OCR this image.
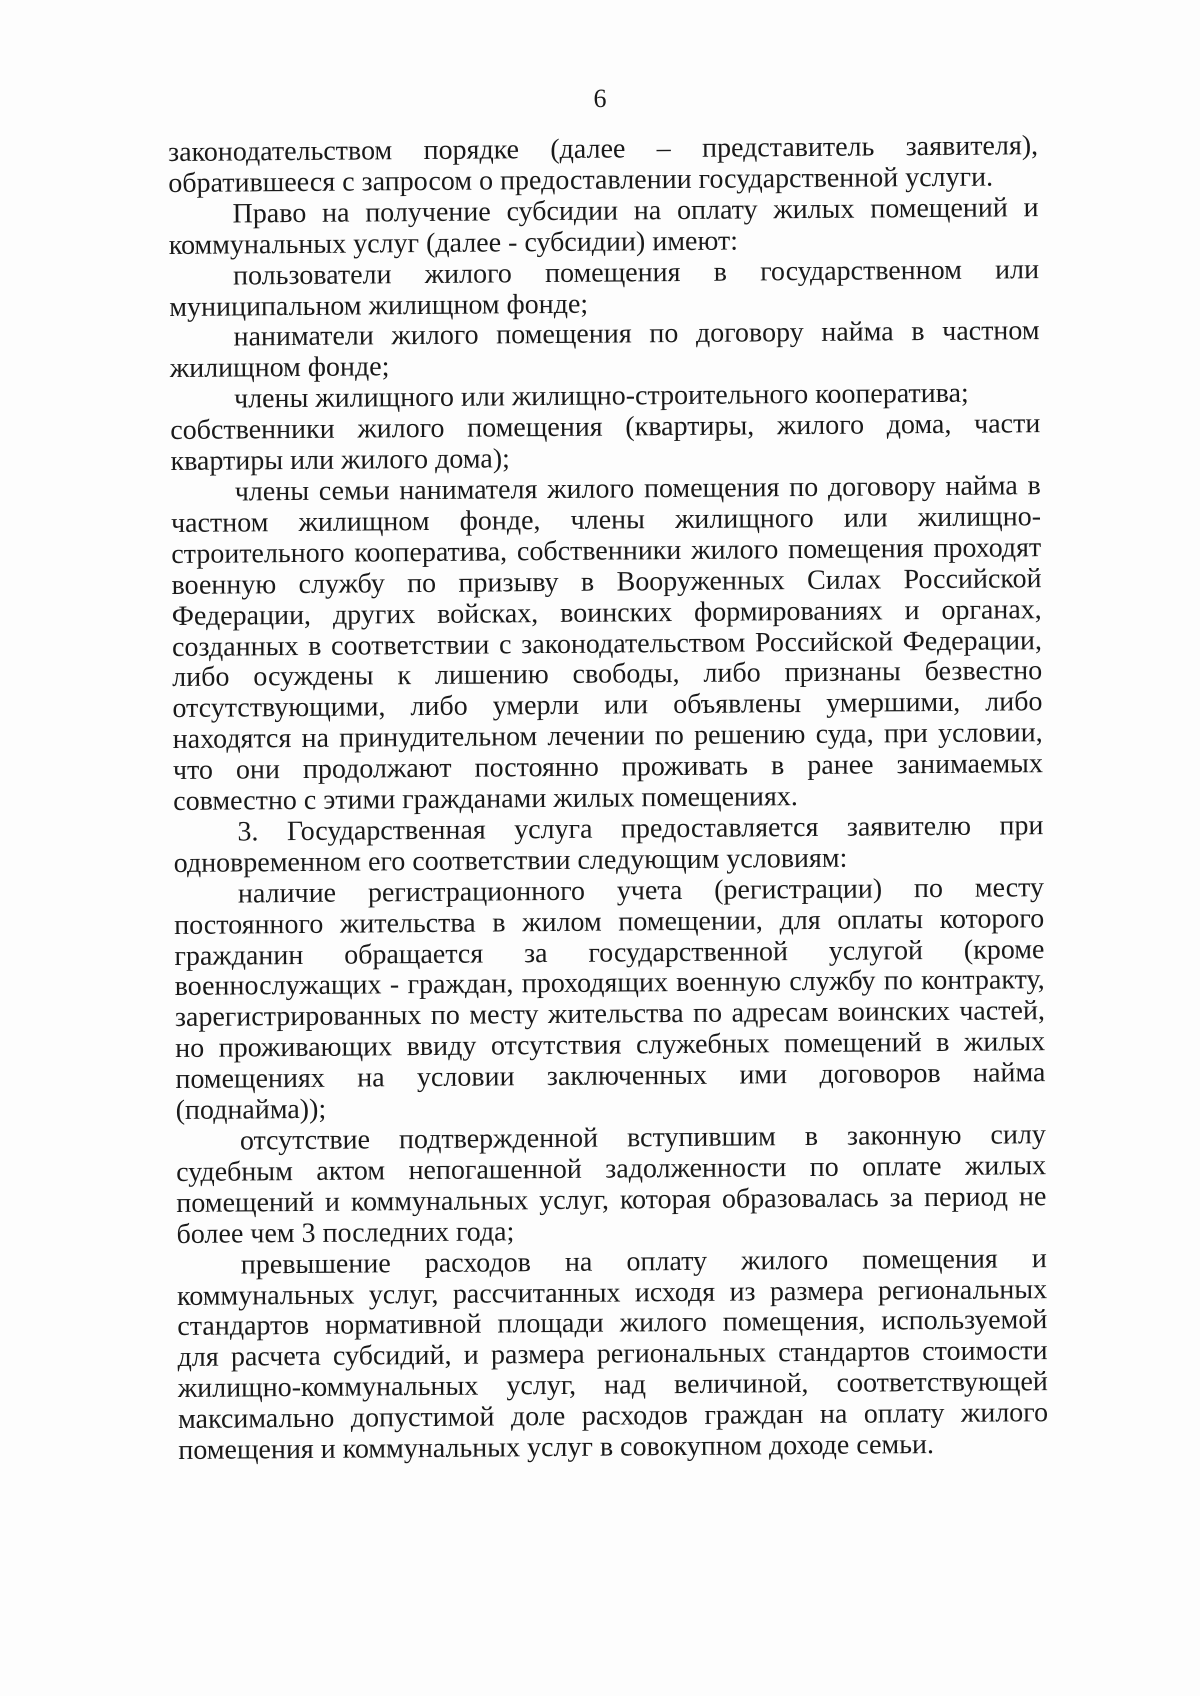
6

законодательством порядке (далее – представитель заявителя), обратившееся с запросом о предоставлении государственной услуги.

Право на получение субсидии на оплату жилых помещений и коммунальных услуг (далее - субсидии) имеют:

пользователи жилого помещения в государственном или муниципальном жилищном фонде;

наниматели жилого помещения по договору найма в частном жилищном фонде;

члены жилищного или жилищно-строительного кооператива;

собственники жилого помещения (квартиры, жилого дома, части квартиры или жилого дома);

члены семьи нанимателя жилого помещения по договору найма в частном жилищном фонде, члены жилищного или жилищно-строительного кооператива, собственники жилого помещения проходят военную службу по призыву в Вооруженных Силах Российской Федерации, других войсках, воинских формированиях и органах, созданных в соответствии с законодательством Российской Федерации, либо осуждены к лишению свободы, либо признаны безвестно отсутствующими, либо умерли или объявлены умершими, либо находятся на принудительном лечении по решению суда, при условии, что они продолжают постоянно проживать в ранее занимаемых совместно с этими гражданами жилых помещениях.

3. Государственная услуга предоставляется заявителю при одновременном его соответствии следующим условиям:

наличие регистрационного учета (регистрации) по месту постоянного жительства в жилом помещении, для оплаты которого гражданин обращается за государственной услугой (кроме военнослужащих - граждан, проходящих военную службу по контракту, зарегистрированных по месту жительства по адресам воинских частей, но проживающих ввиду отсутствия служебных помещений в жилых помещениях на условии заключенных ими договоров найма (поднайма));

отсутствие подтвержденной вступившим в законную силу судебным актом непогашенной задолженности по оплате жилых помещений и коммунальных услуг, которая образовалась за период не более чем 3 последних года;

превышение расходов на оплату жилого помещения и коммунальных услуг, рассчитанных исходя из размера региональных стандартов нормативной площади жилого помещения, используемой для расчета субсидий, и размера региональных стандартов стоимости жилищно-коммунальных услуг, над величиной, соответствующей максимально допустимой доле расходов граждан на оплату жилого помещения и коммунальных услуг в совокупном доходе семьи.
